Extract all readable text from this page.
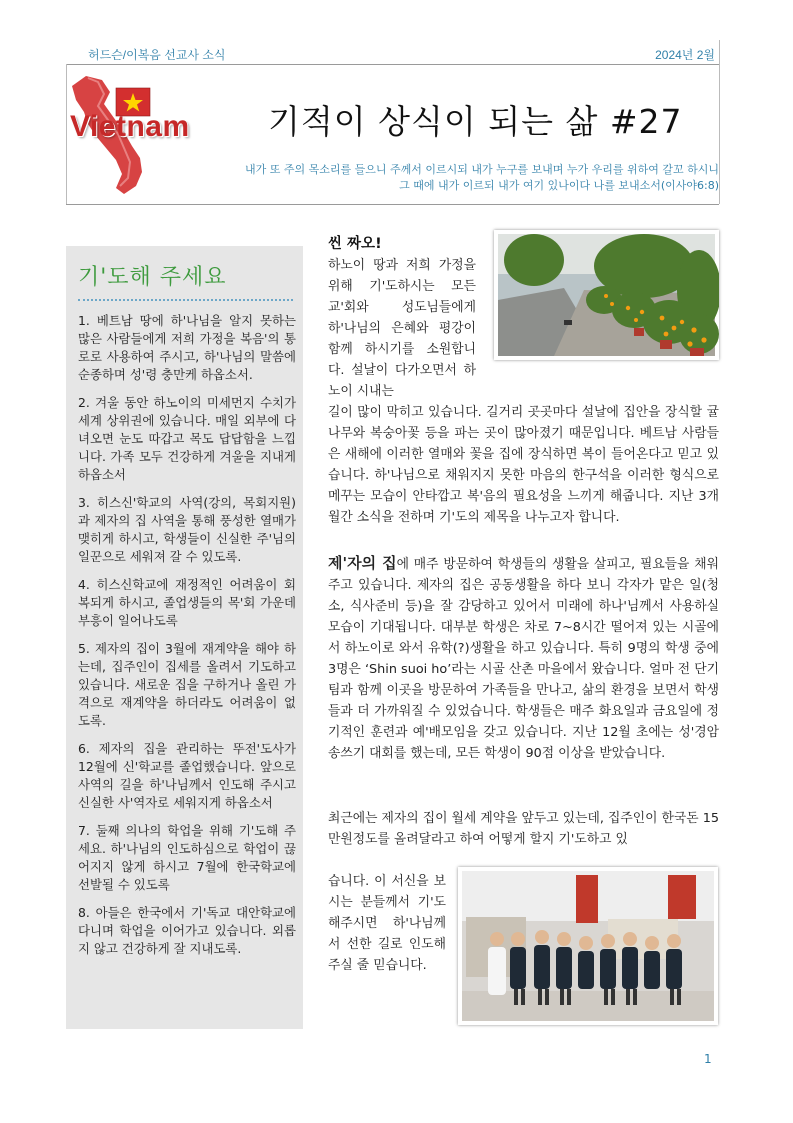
허드슨/이복음 선교사 소식	2024년 2월
Vietnam 기적이 상식이 되는 삶 #27
내가 또 주의 목소리를 들으니 주께서 이르시되 내가 누구를 보내며 누가 우리를 위하여 갈꼬 하시니
그 때에 내가 이르되 내가 여기 있나이다 나를 보내소서(이사야6:8)
기'도해 주세요

1. 베트남 땅에 하'나님을 알지 못하는 많은 사람들에게 저희 가정을 복음'의 통로로 사용하여 주시고, 하'나님의 말씀에 순종하며 성'령 충만케 하옵소서.

2. 겨울 동안 하노이의 미세먼지 수치가 세계 상위권에 있습니다. 매일 외부에 다녀오면 눈도 따갑고 목도 답답함을 느낍니다. 가족 모두 건강하게 겨울을 지내게 하옵소서

3. 히스신'학교의 사역(강의, 목회지원)과 제자의 집 사역을 통해 풍성한 열매가 맺히게 하시고, 학생들이 신실한 주'님의 일꾼으로 세워져 갈 수 있도록.

4. 히스신학교에 재정적인 어려움이 회복되게 하시고, 졸업생들의 목'회 가운데 부흥이 일어나도록

5. 제자의 집이 3월에 재계약을 해야 하는데, 집주인이 집세를 올려서 기도하고 있습니다. 새로운 집을 구하거나 올린 가격으로 재계약을 하더라도 어려움이 없도록.

6. 제자의 집을 관리하는 뚜전'도사가 12월에 신'학교를 졸업했습니다. 앞으로 사역의 길을 하'나님께서 인도해 주시고 신실한 사'역자로 세워지게 하옵소서

7. 둘째 의나의 학업을 위해 기'도해 주세요. 하'나님의 인도하심으로 학업이 끊어지지 않게 하시고 7월에 한국학교에 선발될 수 있도록

8. 아들은 한국에서 기'독교 대안학교에 다니며 학업을 이어가고 있습니다. 외롭지 않고 건강하게 잘 지내도록.

씬 짜오!
하노이 땅과 저희 가정을 위해 기'도하시는 모든 교'회와 성도님들에게 하'나님의 은혜와 평강이 함께 하시기를 소원합니다. 설날이 다가오면서 하노이 시내는
길이 많이 막히고 있습니다. 길거리 곳곳마다 설날에 집안을 장식할 귤나무와 복숭아꽃 등을 파는 곳이 많아졌기 때문입니다. 베트남 사람들은 새해에 이러한 열매와 꽃을 집에 장식하면 복이 들어온다고 믿고 있습니다. 하'나님으로 채워지지 못한 마음의 한구석을 이러한 형식으로 메꾸는 모습이 안타깝고 복'음의 필요성을 느끼게 해줍니다. 지난 3개월간 소식을 전하며 기'도의 제목을 나누고자 합니다.
제'자의 집에 매주 방문하여 학생들의 생활을 살피고, 필요들을 채워주고 있습니다. 제자의 집은 공동생활을 하다 보니 각자가 맡은 일(청소, 식사준비 등)을 잘 감당하고 있어서 미래에 하나'님께서 사용하실 모습이 기대됩니다. 대부분 학생은 차로 7~8시간 떨어져 있는 시골에서 하노이로 와서 유학(?)생활을 하고 있습니다. 특히 9명의 학생 중에 3명은 ‘Shin suoi ho’라는 시골 산촌 마을에서 왔습니다. 얼마 전 단기팀과 함께 이곳을 방문하여 가족들을 만나고, 삶의 환경을 보면서 학생들과 더 가까워질 수 있었습니다. 학생들은 매주 화요일과 금요일에 정기적인 훈련과 예'배모임을 갖고 있습니다. 지난 12월 초에는 성'경암송쓰기 대회를 했는데, 모든 학생이 90점 이상을 받았습니다.
최근에는 제자의 집이 월세 계약을 앞두고 있는데, 집주인이 한국돈 15만원정도를 올려달라고 하여 어떻게 할지 기'도하고 있
습니다. 이 서신을 보시는 분들께서 기'도해주시면 하'나님께서 선한 길로 인도해 주실 줄 믿습니다.
1
